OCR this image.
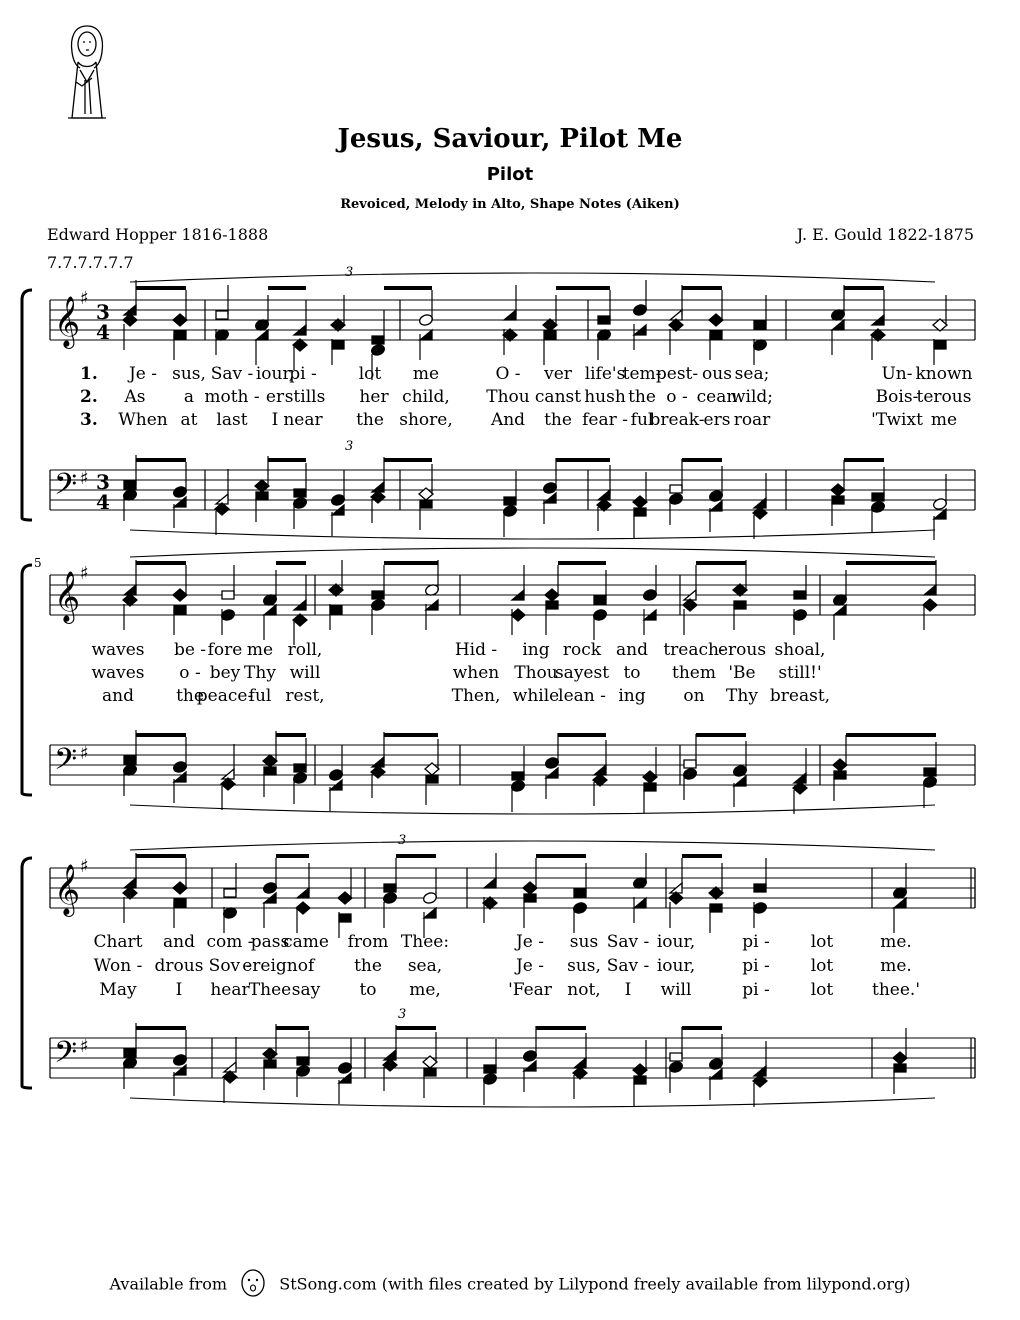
Jesus, Saviour, Pilot Me
Pilot
Revoiced, Melody in Alto, Shape Notes (Aiken)
Edward Hopper 1816-1888	J. E. Gould 1822-1875
7.7.7.7.7.7
𝄞 ♯
3
4
𝄢 ♯ 3
4
𝄞 ♯
𝄢 ♯
5
𝄞 ♯
𝄢 ♯
3
3
3
3
1. Je - sus, Sav - iour,
pi - lot me	O - ver life's
tem-
pest- ous sea;	Un- known
2. As a moth - er stills her child, Thou canst hush the o - cean
wild;	Bois-
terous
3. When at last I near the shore, And the fear - ful
break- ers roar	'Twixt me
waves be - fore me roll,	Hid - ing rock and treach-
erous shoal,
waves o - bey Thy will	when Thou
sayest to them 'Be still!'
and the
peace-
ful rest,	Then, while
lean - ing on Thy breast,
Chart and com -
pass
came from Thee:	Je - sus Sav - iour,	pi - lot	me.
Won - drous Sov -
ereign of the sea,	Je - sus, Sav - iour,	pi - lot	me.
May I hear Thee say to me,	'Fear not, I will	pi - lot thee.'
Available from	StSong.com (with files created by Lilypond freely available from lilypond.org)
